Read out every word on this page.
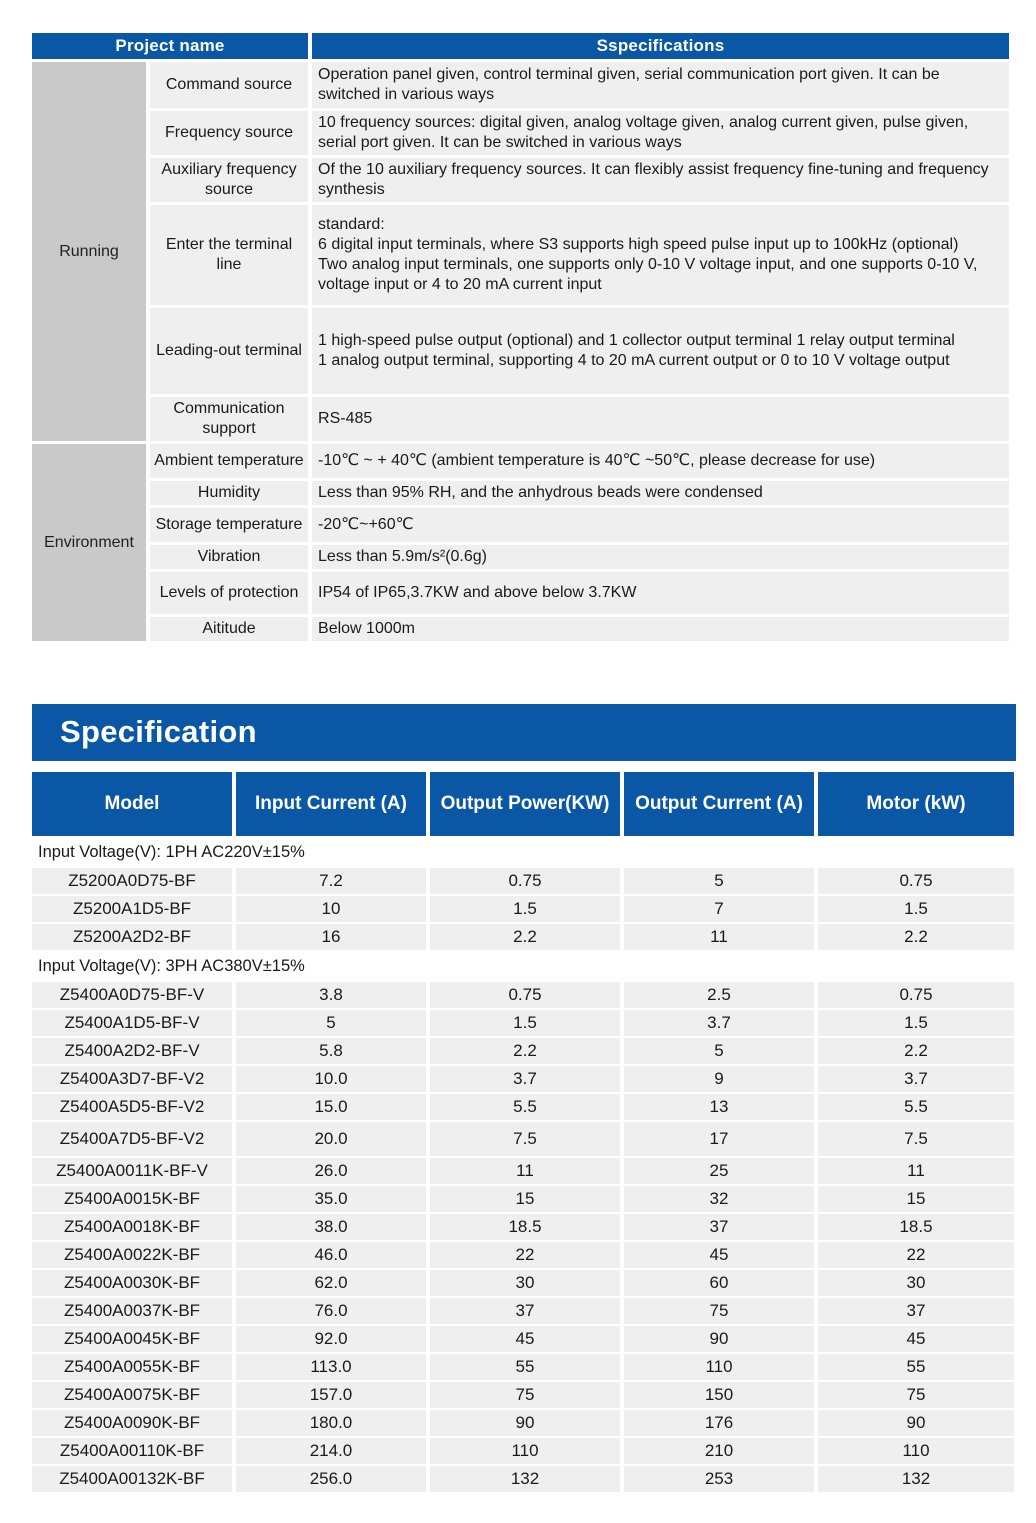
Project name		Sspecifications
Running	Command source	Operation panel given, control terminal given, serial communication port given. It can be switched in various ways

	Frequency source	10 frequency sources: digital given, analog voltage given, analog current given, pulse given, serial port given. It can be switched in various ways

	Auxiliary frequency source	Of the 10 auxiliary frequency sources. It can flexibly assist frequency fine-tuning and frequency synthesis

	Enter the terminal line	standard:
6 digital input terminals, where S3 supports high speed pulse input up to 100kHz (optional)
Two analog input terminals, one supports only 0-10 V voltage input, and one supports 0-10 V, voltage input or 4 to 20 mA current input

	Leading-out terminal	1 high-speed pulse output (optional) and 1 collector output terminal 1 relay output terminal
1 analog output terminal, supporting 4 to 20 mA current output or 0 to 10 V voltage output

	Communication support	RS-485

Environment	Ambient temperature	-10℃ ~ + 40℃ (ambient temperature is 40℃ ~50℃, please decrease for use)

	Humidity	Less than 95% RH, and the anhydrous beads were condensed

	Storage temperature	-20℃~+60℃

	Vibration	Less than 5.9m/s²(0.6g)

	Levels of protection	IP54 of IP65,3.7KW and above below 3.7KW

	Aititude	Below 1000m
Specification
Model	Input Current (A)	Output Power(KW)	Output Current (A)	Motor (kW)
Input Voltage(V): 1PH AC220V±15%				
Z5200A0D75-BF	7.2	0.75	5	0.75
Z5200A1D5-BF	10	1.5	7	1.5
Z5200A2D2-BF	16	2.2	11	2.2
Input Voltage(V): 3PH AC380V±15%				
Z5400A0D75-BF-V	3.8	0.75	2.5	0.75
Z5400A1D5-BF-V	5	1.5	3.7	1.5
Z5400A2D2-BF-V	5.8	2.2	5	2.2
Z5400A3D7-BF-V2	10.0	3.7	9	3.7
Z5400A5D5-BF-V2	15.0	5.5	13	5.5
Z5400A7D5-BF-V2	20.0	7.5	17	7.5
Z5400A0011K-BF-V	26.0	11	25	11
Z5400A0015K-BF	35.0	15	32	15
Z5400A0018K-BF	38.0	18.5	37	18.5
Z5400A0022K-BF	46.0	22	45	22
Z5400A0030K-BF	62.0	30	60	30
Z5400A0037K-BF	76.0	37	75	37
Z5400A0045K-BF	92.0	45	90	45
Z5400A0055K-BF	113.0	55	110	55
Z5400A0075K-BF	157.0	75	150	75
Z5400A0090K-BF	180.0	90	176	90
Z5400A00110K-BF	214.0	110	210	110
Z5400A00132K-BF	256.0	132	253	132
